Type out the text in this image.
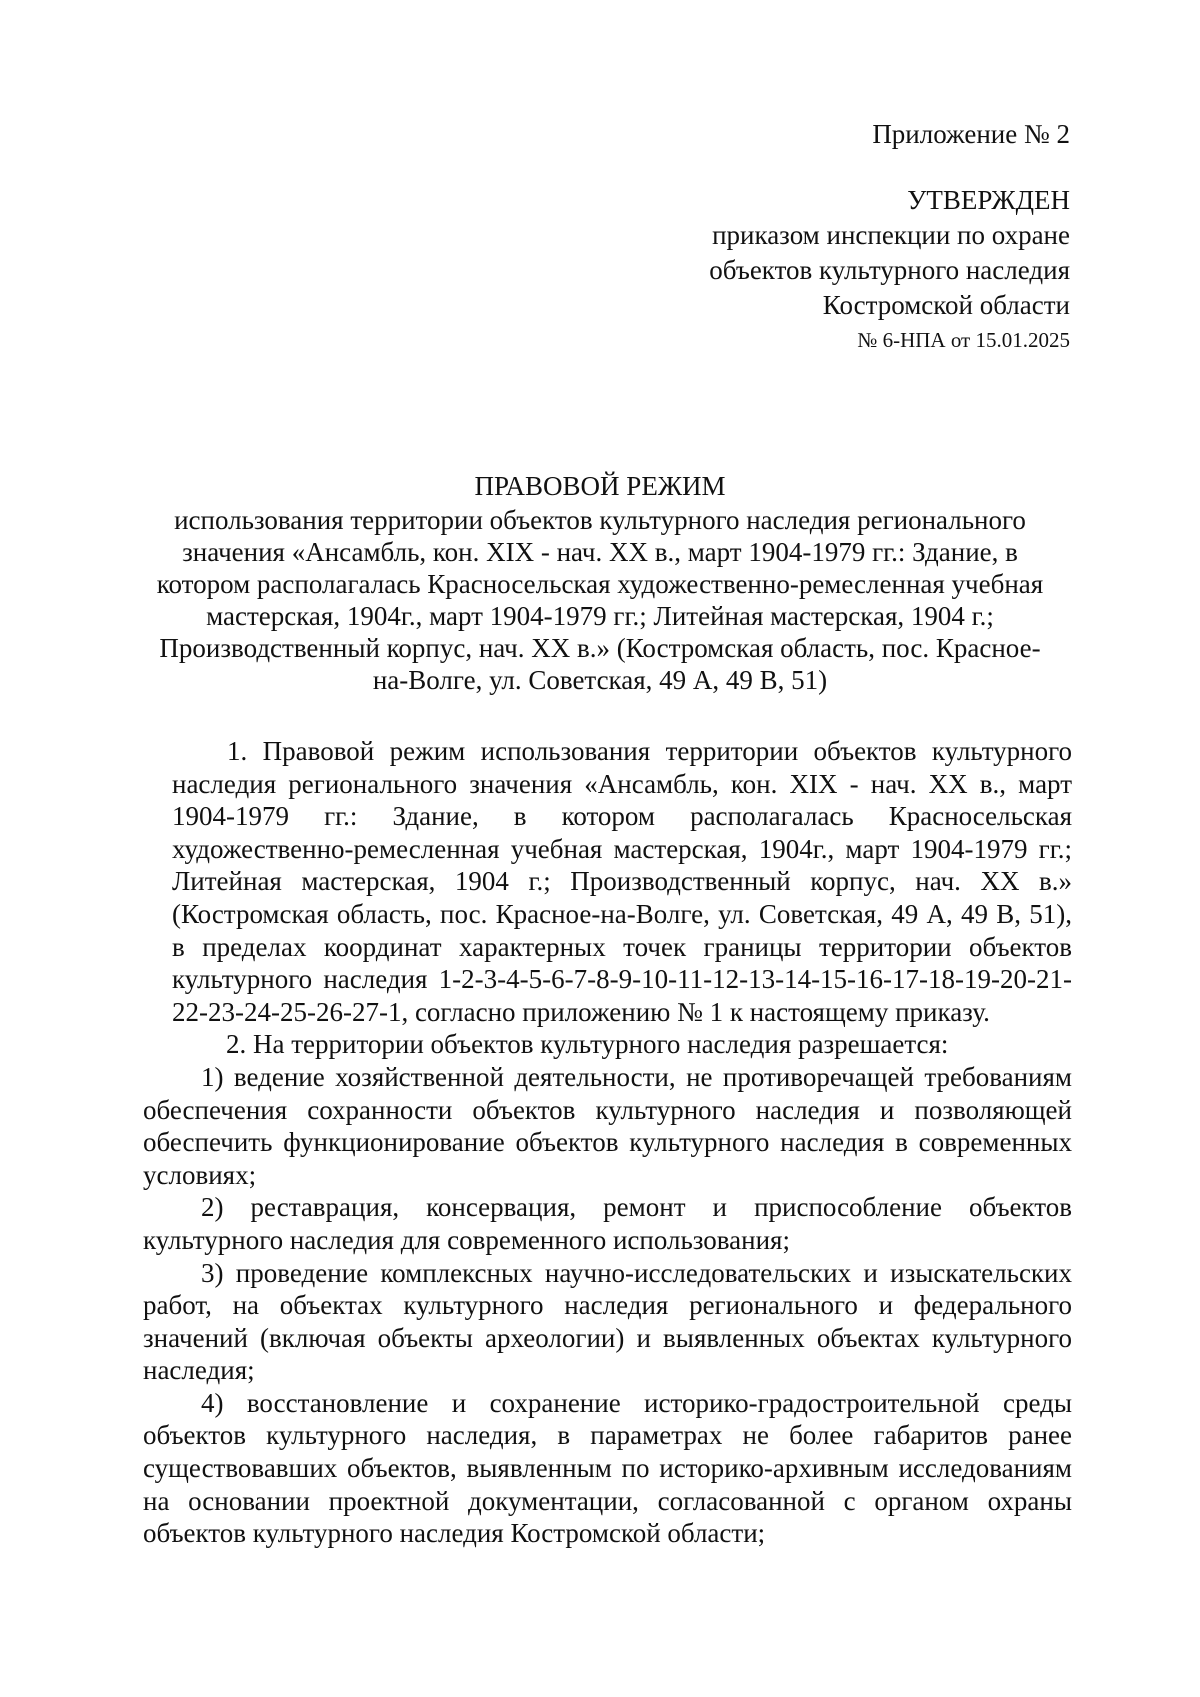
Приложение № 2
УТВЕРЖДЕН
приказом инспекции по охране
объектов культурного наследия
Костромской области
№ 6-НПА от 15.01.2025
ПРАВОВОЙ РЕЖИМ

использования территории объектов культурного наследия регионального значения «Ансамбль, кон. XIX - нач. XX в., март 1904-1979 гг.: Здание, в котором располагалась Красносельская художественно-ремесленная учебная мастерская, 1904г., март 1904-1979 гг.; Литейная мастерская, 1904 г.; Производственный корпус, нач. XX в.» (Костромская область, пос. Красное-на-Волге, ул. Советская, 49 А, 49 В, 51)

1. Правовой режим использования территории объектов культурного наследия регионального значения «Ансамбль, кон. XIX - нач. XX в., март 1904-1979 гг.: Здание, в котором располагалась Красносельская художественно-ремесленная учебная мастерская, 1904г., март 1904-1979 гг.; Литейная мастерская, 1904 г.; Производственный корпус, нач. XX в.» (Костромская область, пос. Красное-на-Волге, ул. Советская, 49 А, 49 В, 51), в пределах координат характерных точек границы территории объектов культурного наследия 1-2-3-4-5-6-7-8-9-10-11-12-13-14-15-16-17-18-19-20-21-22-23-24-25-26-27-1, согласно приложению № 1 к настоящему приказу.

2. На территории объектов культурного наследия разрешается:

1) ведение хозяйственной деятельности, не противоречащей требованиям обеспечения сохранности объектов культурного наследия и позволяющей обеспечить функционирование объектов культурного наследия в современных условиях;

2) реставрация, консервация, ремонт и приспособление объектов культурного наследия для современного использования;

3) проведение комплексных научно-исследовательских и изыскательских работ, на объектах культурного наследия регионального и федерального значений (включая объекты археологии) и выявленных объектах культурного наследия;

4) восстановление и сохранение историко-градостроительной среды объектов культурного наследия, в параметрах не более габаритов ранее существовавших объектов, выявленным по историко-архивным исследованиям на основании проектной документации, согласованной с органом охраны объектов культурного наследия Костромской области;
